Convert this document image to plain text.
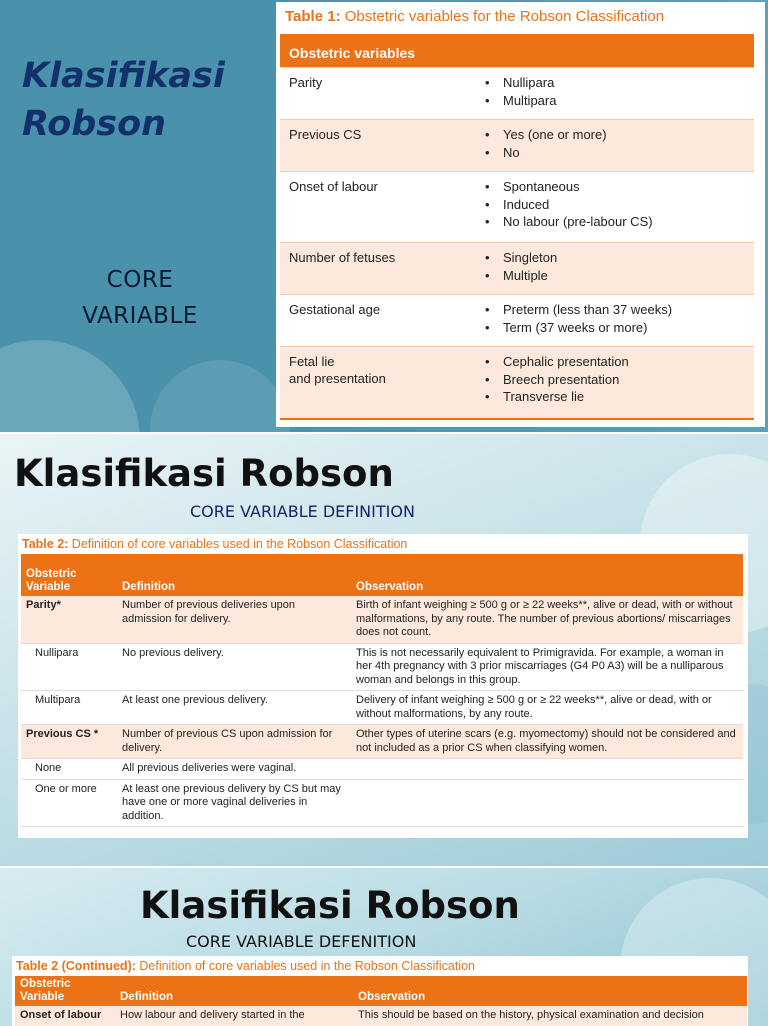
Klasifikasi
Robson
CORE
VARIABLE
Table 1: Obstetric variables for the Robson Classification
Obstetric variables
Parity	• Nullipara
• Multipara
Previous CS	• Yes (one or more)
• No
Onset of labour	• Spontaneous
• Induced
• No labour (pre-labour CS)
Number of fetuses	• Singleton
• Multiple
Gestational age	• Preterm (less than 37 weeks)
• Term (37 weeks or more)
Fetal lie
and presentation
• Cephalic presentation
• Breech presentation
• Transverse lie
Klasifikasi Robson
CORE VARIABLE DEFINITION
Table 2: Definition of core variables used in the Robson Classification
Obstetric Variable	Definition	Observation
Parity*	Number of previous deliveries upon admission for delivery.	Birth of infant weighing ≥ 500 g or ≥ 22 weeks**, alive or dead, with or without malformations, by any route. The number of previous abortions/ miscarriages does not count.
Nullipara	No previous delivery.	This is not necessarily equivalent to Primigravida. For example, a woman in her 4th pregnancy with 3 prior miscarriages (G4 P0 A3) will be a nulliparous woman and belongs in this group.
Multipara	At least one previous delivery.	Delivery of infant weighing ≥ 500 g or ≥ 22 weeks**, alive or dead, with or without malformations, by any route.
Previous CS *	Number of previous CS upon admission for delivery.	Other types of uterine scars (e.g. myomectomy) should not be considered and not included as a prior CS when classifying women.
None	All previous deliveries were vaginal.	
One or more	At least one previous delivery by CS but may have one or more vaginal deliveries in addition.	
Klasifikasi Robson
CORE VARIABLE DEFENITION
Table 2 (Continued): Definition of core variables used in the Robson Classification
Obstetric Variable	Definition	Observation
Onset of labour	How labour and delivery started in the	This should be based on the history, physical examination and decision
